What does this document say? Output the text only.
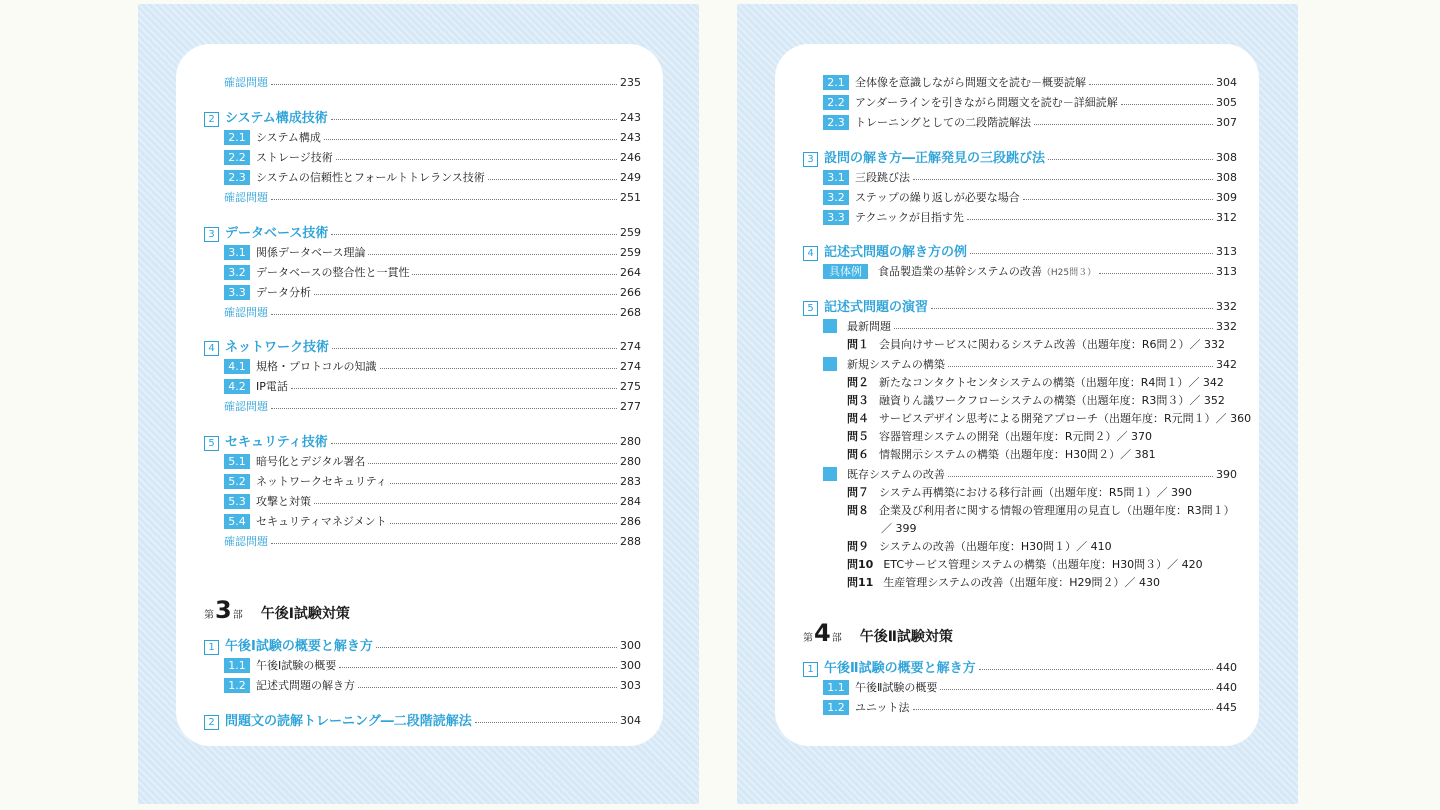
確認問題	235
2 システム構成技術	243
2.1 システム構成	243
2.2 ストレージ技術	246
2.3 システムの信頼性とフォールトトレランス技術	249
確認問題	251
3 データベース技術	259
3.1 関係データベース理論	259
3.2 データベースの整合性と一貫性	264
3.3 データ分析	266
確認問題	268
4 ネットワーク技術	274
4.1 規格・プロトコルの知識	274
4.2 IP電話	275
確認問題	277
5 セキュリティ技術	280
5.1 暗号化とデジタル署名	280
5.2 ネットワークセキュリティ	283
5.3 攻撃と対策	284
5.4 セキュリティマネジメント	286
確認問題	288
第 3 部 午後Ⅰ試験対策
1 午後Ⅰ試験の概要と解き方	300
1.1 午後Ⅰ試験の概要	300
1.2 記述式問題の解き方	303
2 問題文の読解トレーニング―二段階読解法	304
2.1 全体像を意識しながら問題文を読む－概要読解	304
2.2 アンダーラインを引きながら問題文を読む－詳細読解	305
2.3 トレーニングとしての二段階読解法	307
3 設問の解き方―正解発見の三段跳び法	308
3.1 三段跳び法	308
3.2 ステップの繰り返しが必要な場合	309
3.3 テクニックが目指す先	312
4 記述式問題の解き方の例	313
具体例	食品製造業の基幹システムの改善 （H25問３）	313
5 記述式問題の演習	332
最新問題	332
問１ 会員向けサービスに関わるシステム改善（出題年度：R6問２）／ 332
新規システムの構築	342
問２ 新たなコンタクトセンタシステムの構築（出題年度：R4問１）／ 342
問３ 融資りん議ワークフローシステムの構築（出題年度：R3問３）／ 352
問４ サービスデザイン思考による開発アプローチ（出題年度：R元問１）／ 360
問５ 容器管理システムの開発（出題年度：R元問２）／ 370
問６ 情報開示システムの構築（出題年度：H30問２）／ 381
既存システムの改善	390
問７ システム再構築における移行計画（出題年度：R5問１）／ 390
問８ 企業及び利用者に関する情報の管理運用の見直し（出題年度：R3問１）
／ 399
問９ システムの改善（出題年度：H30問１）／ 410
問10 ETCサービス管理システムの構築（出題年度：H30問３）／ 420
問11 生産管理システムの改善（出題年度：H29問２）／ 430
第 4 部 午後Ⅱ試験対策
1 午後Ⅱ試験の概要と解き方	440
1.1 午後Ⅱ試験の概要	440
1.2 ユニット法	445
